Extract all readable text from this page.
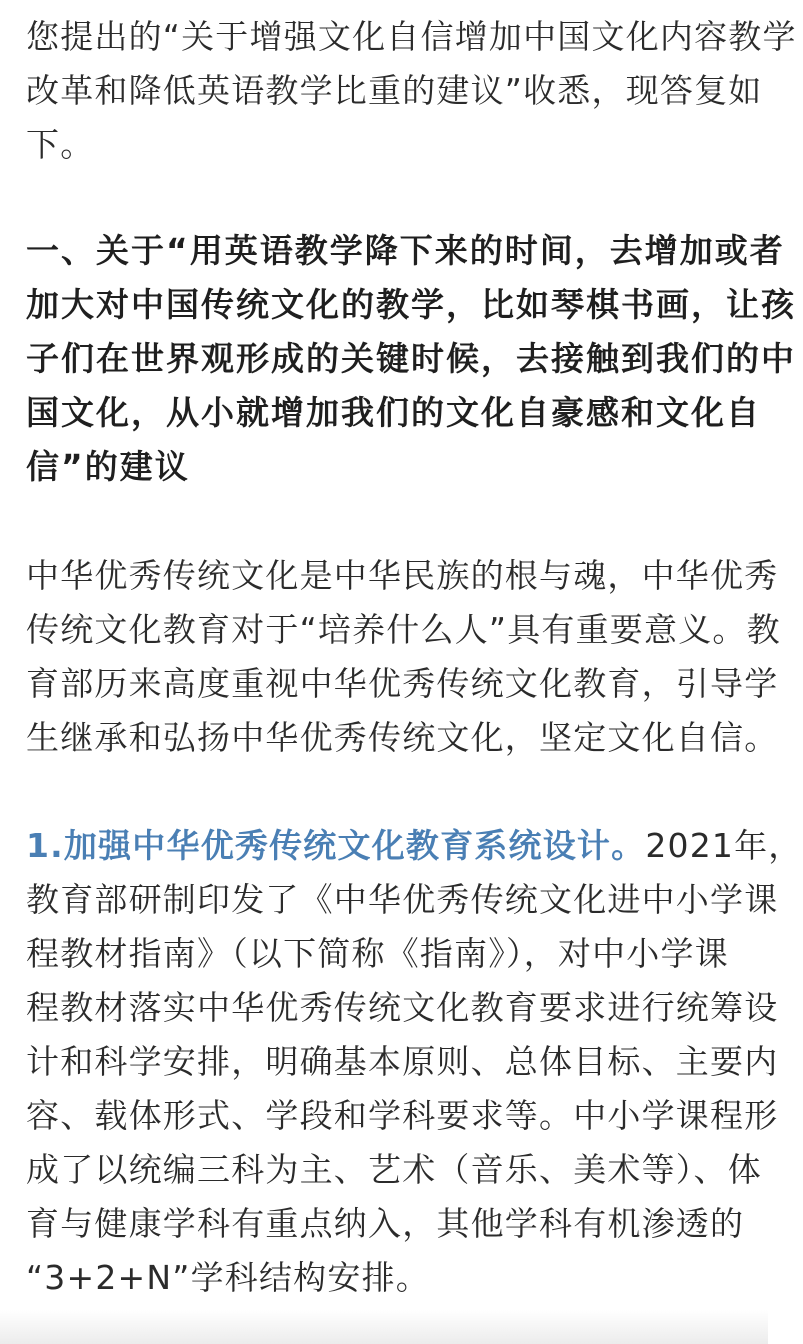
您提出的“关于增强文化自信增加中国文化内容教学
改革和降低英语教学比重的建议”收悉，现答复如
下。

一、关于“用英语教学降下来的时间，去增加或者
加大对中国传统文化的教学，比如琴棋书画，让孩
子们在世界观形成的关键时候，去接触到我们的中
国文化，从小就增加我们的文化自豪感和文化自
信”的建议

中华优秀传统文化是中华民族的根与魂，中华优秀
传统文化教育对于“培养什么人”具有重要意义。教
育部历来高度重视中华优秀传统文化教育，引导学
生继承和弘扬中华优秀传统文化，坚定文化自信。

1.加强中华优秀传统文化教育系统设计。2021年，
教育部研制印发了《中华优秀传统文化进中小学课
程教材指南》（以下简称《指南》），对中小学课
程教材落实中华优秀传统文化教育要求进行统筹设
计和科学安排，明确基本原则、总体目标、主要内
容、载体形式、学段和学科要求等。中小学课程形
成了以统编三科为主、艺术（音乐、美术等）、体
育与健康学科有重点纳入，其他学科有机渗透的
“3+2+N”学科结构安排。
